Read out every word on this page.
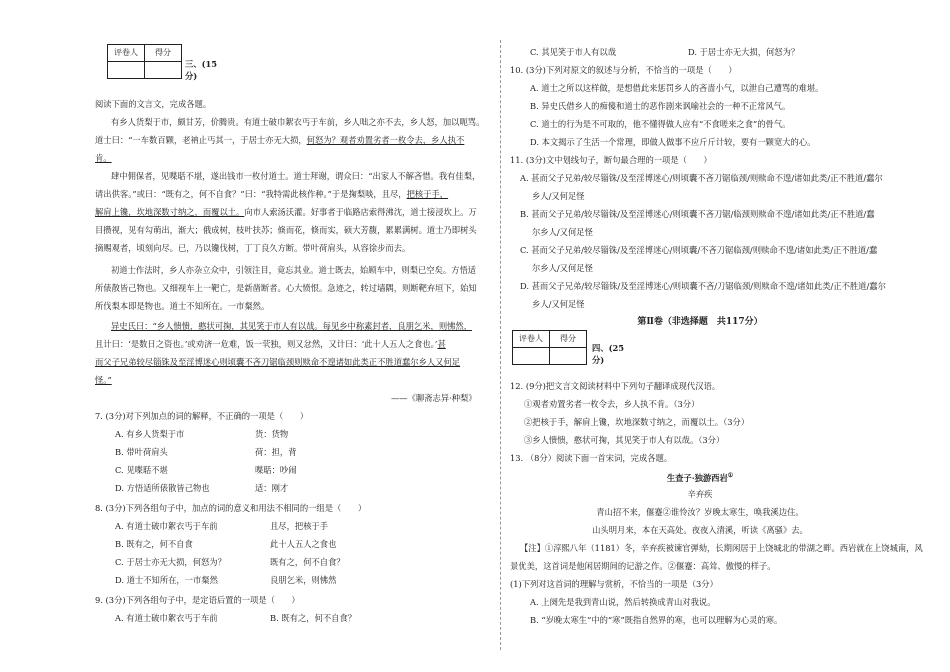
评卷人	得分

三、(15
分)
阅读下面的文言文，完成各题。
有乡人货梨于市，颇甘芳，价腾贵。有道士破巾絮衣丐于车前，乡人咄之亦不去，乡人怒，加以呃骂。
道士曰：“一车数百颗，老衲止丐其一，于居士亦无大损，何怒为？观者劝置劣者一枚令去，乡人执不
肯。
肆中佣保者，见喋聒不堪，遂出钱市一枚付道士。道士拜谢，谓众曰：“出家人不解吝惜。我有佳梨，
请出供客。”或曰：“既有之，何不自食？”曰：“我特需此核作种。”于是掬梨啖，且尽，把核于手，
解肩上镵，坎地深数寸纳之，而覆以土。向市人索汤沃灌。好事者于临路店索得沸沈，道士接浸坎上。万
目攒视，见有勾萌出，渐大；俄成树，枝叶扶苏；倏而花，倏而实，硕大芳馥，累累满树。道士乃即树头
摘赐观者，顷刻向尽。已，乃以镵伐树，丁丁良久方断。带叶荷肩头，从容徐步而去。
初道士作法时，乡人亦杂立众中，引领注目，竟忘其业。道士既去，始顾车中，则梨已空矣。方悟适
所俵散皆己物也。又细视车上一靶亡，是新凿断者。心大愤恨。急迹之，转过墙隅，则断靶弃垣下，始知
所伐梨本即是物也。道士不知所在。一市粲然。
异史氏曰：“乡人愦愦，憨状可掬，其见笑于市人有以哉。每见乡中称素封者，良朋乞米，则怫然，
且计曰：‘是数日之资也。’或劝济一危难，饭一茕独，则又忿然，又计曰：‘此十人五人之食也。’甚
而父子兄弟较尽锱铢及至淫博迷心则顷囊不吝刀锯临颈则赎命不遑诸如此类正不胜道蠢尔乡人又何足
怪。”
——《聊斋志异·种梨》
7. (3分)对下列加点的词的解释，不正确的一项是（　　）
A. 有乡人货梨于市	货：货物
B. 带叶荷肩头	荷：担，背
C. 见喋聒不堪	喋聒：吵闹
D. 方悟适所俵散皆己物也	适：刚才
8. (3分)下列各组句子中，加点的词的意义和用法不相同的一组是（　　）
A. 有道士破巾絮衣丐于车前	且尽，把核于手
B. 既有之，何不自食	此十人五人之食也
C. 于居士亦无大损，何怒为？	既有之，何不自食？
D. 道士不知所在，一市粲然	良朋乞米，则怫然
9. (3分)下列各组句子中，是定语后置的一项是（　　）
A. 有道士破巾絮衣丐于车前	B. 既有之，何不自食？
C. 其见笑于市人有以哉	D. 于居士亦无大损，何怒为？
10. (3分)下列对原文的叙述与分析，不恰当的一项是（　　）
A. 道士之所以这样做，是想借此来惩罚乡人的吝啬小气，以泄自己遭骂的难堪。
B. 异史氏借乡人的痴傻和道士的恶作剧来讽喻社会的一种不正常风气。
C. 道士的行为是不可取的，他不懂得做人应有“不食嗟来之食”的骨气。
D. 本文揭示了生活一个常理，即做人做事不应斤斤计较，要有一颗宽大的心。
11. (3分)文中划线句子，断句最合理的一项是（　　）
A. 甚而父子兄弟/较尽锱铢/及至淫博迷心/则顷囊不吝刀锯临颈/则赎命不遑/诸如此类/正不胜道/蠢尔
乡人/又何足怪
B. 甚而父子兄弟/较尽锱铢/及至淫博迷心/则顷囊不吝刀锯/临颈则赎命不遑/诸如此类/正不胜道/蠢
尔乡人/又何足怪
C. 甚而父子兄弟/较尽锱铢/及至淫博迷心/则顷囊/不吝刀锯临颈/则赎命不遑/诸如此类/正不胜道/蠢
尔乡人/又何足怪
D. 甚而父子兄弟/较尽锱铢/及至淫博迷心/则顷囊不吝/刀锯临颈/则赎命不遑/诸如此类/正不胜道/蠢尔
乡人/又何足怪
第Ⅱ卷（非选择题　共117分）
评卷人	得分

四、(25
分)
12. (9分)把文言文阅读材料中下列句子翻译成现代汉语。
①观者劝置劣者一枚令去，乡人执不肯。（3分）
②把核于手，解肩上镵，坎地深数寸纳之，而覆以土。（3分）
③乡人愦愦，憨状可掬，其见笑于市人有以哉。（3分）
13. （8分）阅读下面一首宋词，完成各题。
生查子·独游西岩①
辛弃疾
青山招不来，偃蹇②谁怜汝？岁晚太寒生，唤我溪边住。
山头明月来，本在天高处。夜夜入清溪，听读《离骚》去。
【注】①淳熙八年（1181）冬，辛弃疾被谏官弹劾，长期闲居于上饶城北的带湖之畔。西岩就在上饶城南，风
景优美，这首词是他闲居期间的记游之作。②偃蹇：高耸、傲慢的样子。
(1)下列对这首词的理解与赏析，不恰当的一项是（3分）
A. 上阕先是我到青山说，然后转换成青山对我说。
B. “岁晚太寒生”中的“寒”既指自然界的寒，也可以理解为心灵的寒。
